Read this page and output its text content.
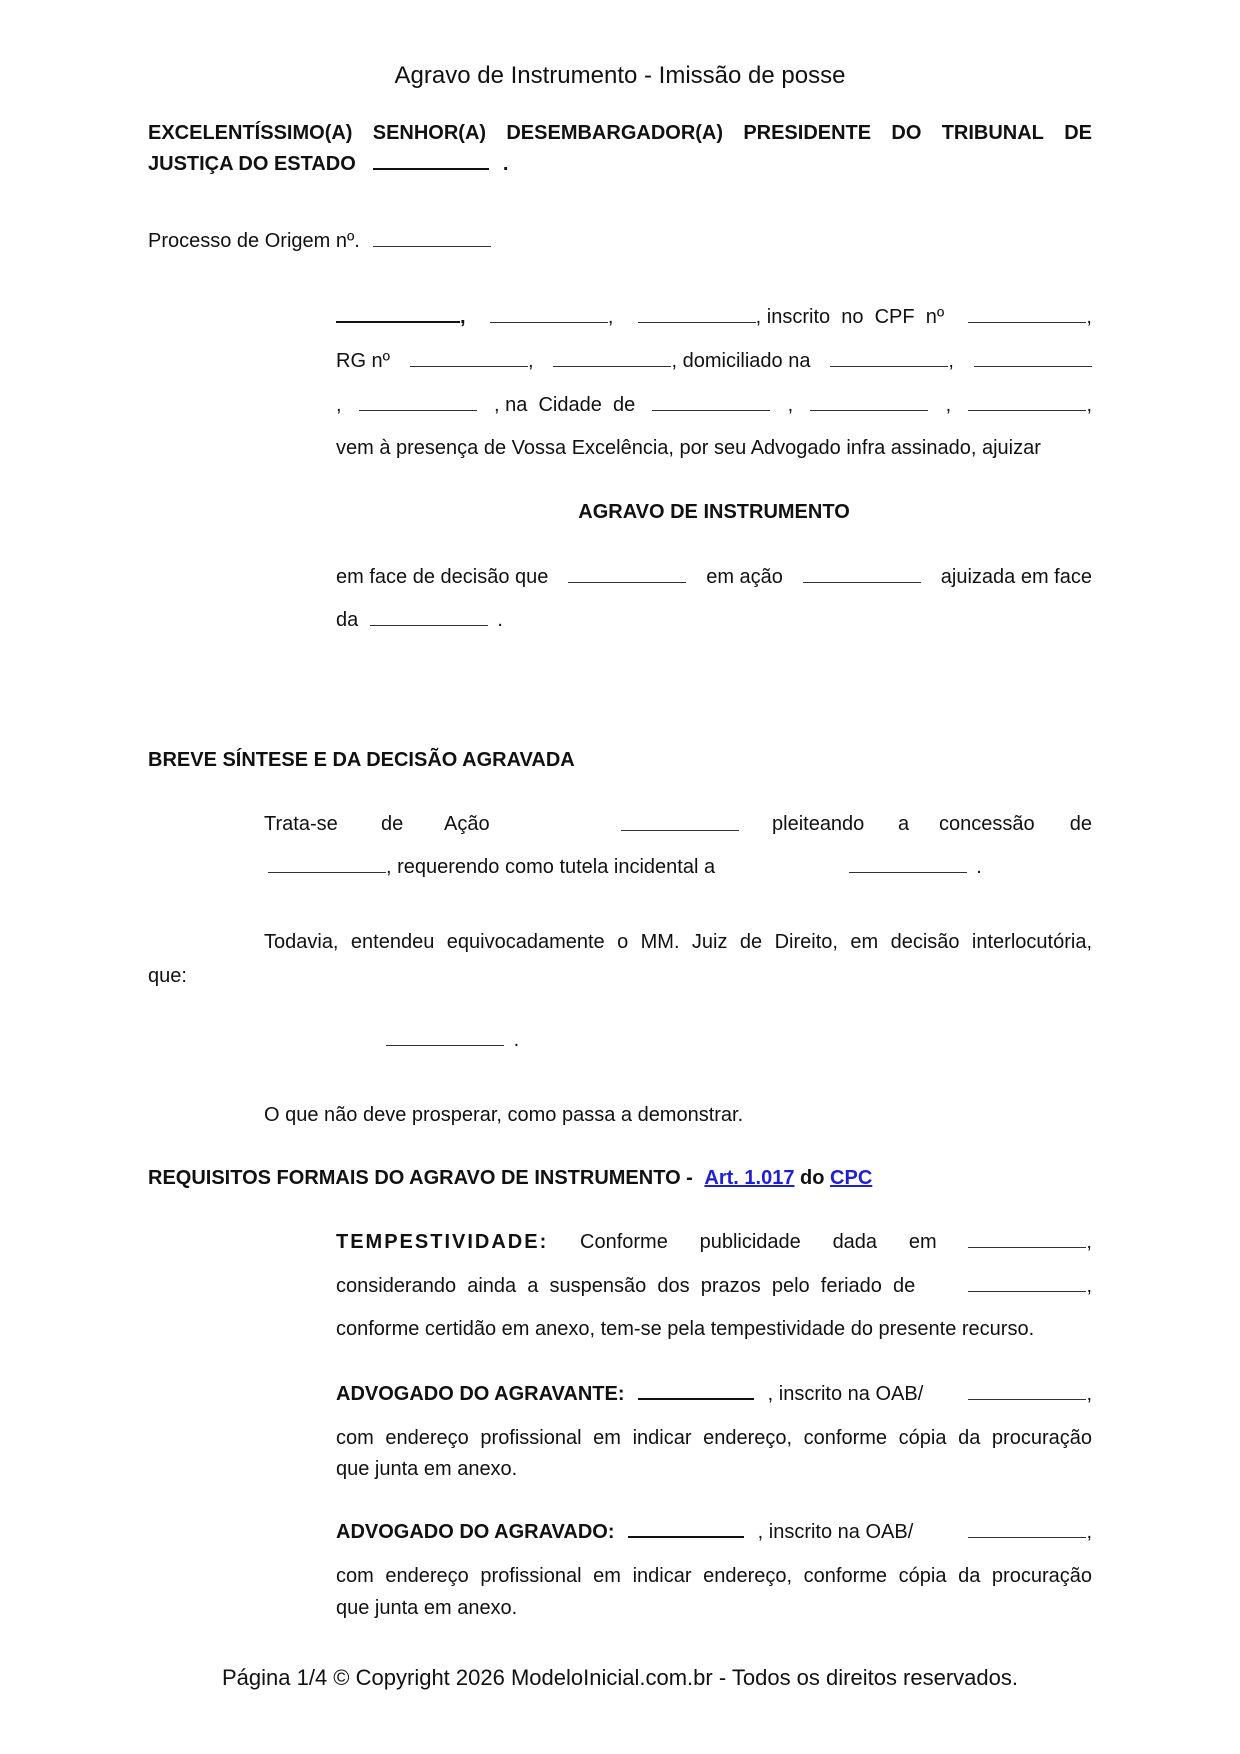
Agravo de Instrumento - Imissão de posse
EXCELENTÍSSIMO(A) SENHOR(A) DESEMBARGADOR(A) PRESIDENTE DO TRIBUNAL DE
JUSTIÇA DO ESTADO	.
Processo de Origem nº.
,	,	, inscrito  no  CPF  nº	,
RG nº	,	, domiciliado na	,
,	, na  Cidade  de	,	,	,
vem à presença de Vossa Excelência, por seu Advogado infra assinado, ajuizar
AGRAVO DE INSTRUMENTO
em face de decisão que	em ação	ajuizada em face
da	.
BREVE SÍNTESE E DA DECISÃO AGRAVADA
Trata-se de Ação	pleiteando a concessão de
, requerendo como tutela incidental a	.
Todavia, entendeu equivocadamente o MM. Juiz de Direito, em decisão interlocutória,
que:
.
O que não deve prosperar, como passa a demonstrar.
REQUISITOS FORMAIS DO AGRAVO DE INSTRUMENTO - Art. 1.017 do CPC
TEMPESTIVIDADE: Conforme publicidade dada em	,
considerando  ainda  a  suspensão  dos  prazos  pelo  feriado  de	,
conforme certidão em anexo, tem-se pela tempestividade do presente recurso.
ADVOGADO DO AGRAVANTE:	, inscrito na OAB/	,
com endereço profissional em indicar endereço, conforme cópia da procuração
que junta em anexo.
ADVOGADO DO AGRAVADO:	, inscrito na OAB/	,
com endereço profissional em indicar endereço, conforme cópia da procuração
que junta em anexo.
Página 1/4 © Copyright 2026 ModeloInicial.com.br - Todos os direitos reservados.
